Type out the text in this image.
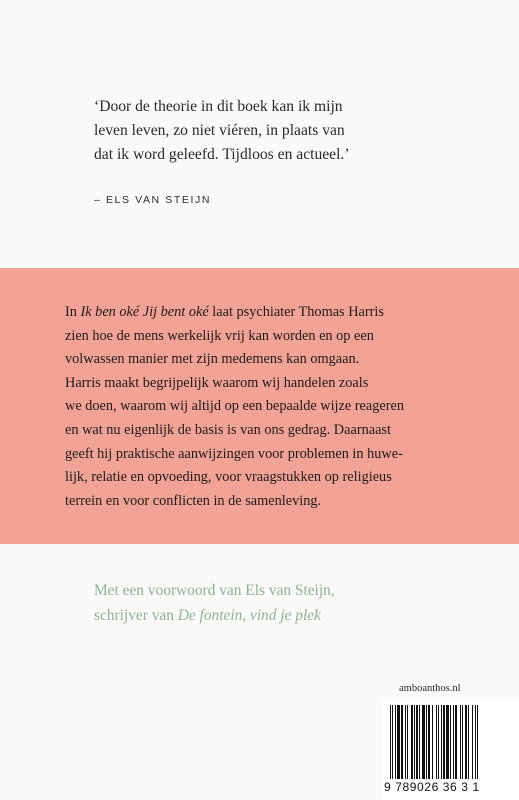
‘Door de theorie in dit boek kan ik mijn
leven leven, zo niet viéren, in plaats van
dat ik word geleefd. Tijdloos en actueel.’
– ELS VAN STEIJN

In Ik ben oké Jij bent oké laat psychiater Thomas Harris

zien hoe de mens werkelijk vrij kan worden en op een

volwassen manier met zijn medemens kan omgaan.

Harris maakt begrijpelijk waarom wij handelen zoals

we doen, waarom wij altijd op een bepaalde wijze reageren

en wat nu eigenlijk de basis is van ons gedrag. Daarnaast

geeft hij praktische aanwijzingen voor problemen in huwe-

lijk, relatie en opvoeding, voor vraagstukken op religieus

terrein en voor conflicten in de samenleving.

Met een voorwoord van Els van Steijn,
schrijver van De fontein, vind je plek
amboanthos.nl
9 789026 36 3 1
